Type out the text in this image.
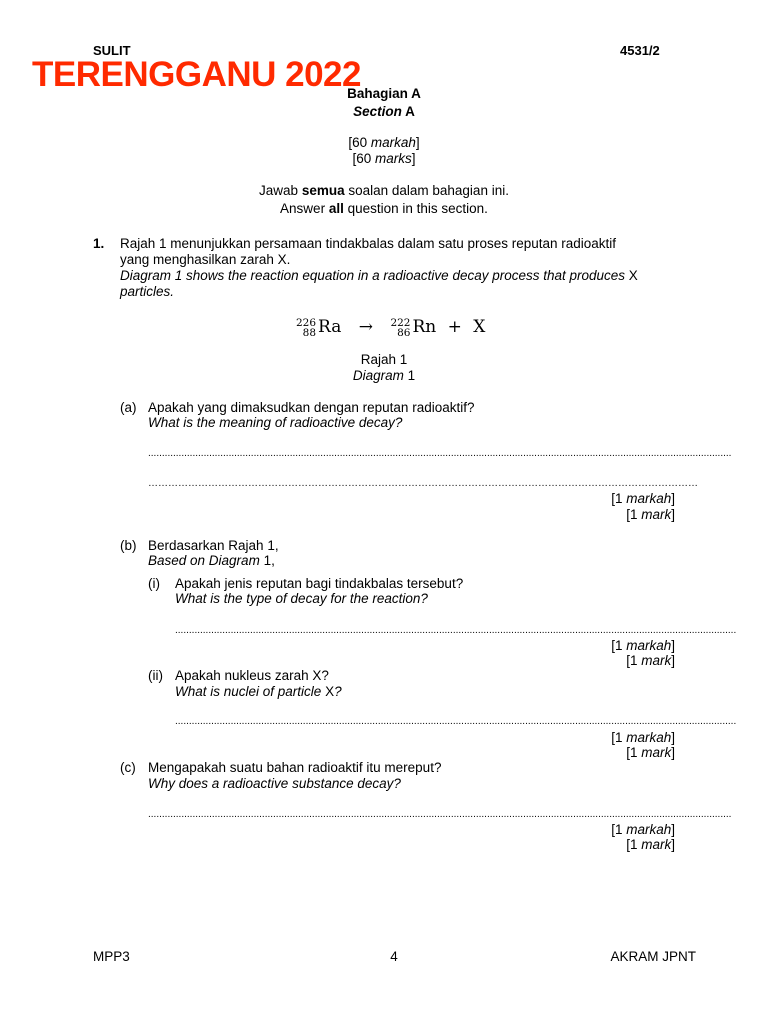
SULIT	4531/2
TERENGGANU 2022
Bahagian A
Section A
[60 markah]
[60 marks]
Jawab semua soalan dalam bahagian ini.
Answer all question in this section.
1. Rajah 1 menunjukkan persamaan tindakbalas dalam satu proses reputan radioaktif
yang menghasilkan zarah X.
Diagram 1 shows the reaction equation in a radioactive decay process that produces X
particles.
226
88 Ra → 222
86 Rn + X
Rajah 1
Diagram 1
(a) Apakah yang dimaksudkan dengan reputan radioaktif?
What is the meaning of radioactive decay?
..................................................................................................................................................................................................................
…………………………………………………………………………………………………………………………………………………
[1 markah]
[1 mark]
(b) Berdasarkan Rajah 1,
Based on Diagram 1,
(i) Apakah jenis reputan bagi tindakbalas tersebut?
What is the type of decay for the reaction?
..........................................................................................................................................................................................................
[1 markah]
[1 mark]
(ii) Apakah nukleus zarah X?
What is nuclei of particle X?
..........................................................................................................................................................................................................
[1 markah]
[1 mark]
(c) Mengapakah suatu bahan radioaktif itu mereput?
Why does a radioactive substance decay?
..................................................................................................................................................................................................................
[1 markah]
[1 mark]
MPP3	4	AKRAM JPNT
